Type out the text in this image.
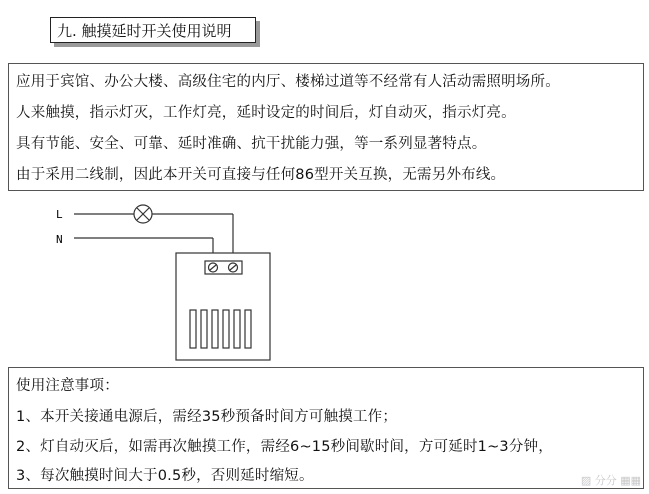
九. 触摸延时开关使用说明
应用于宾馆、办公大楼、高级住宅的内厅、楼梯过道等不经常有人活动需照明场所。
人来触摸，指示灯灭，工作灯亮，延时设定的时间后，灯自动灭，指示灯亮。
具有节能、安全、可靠、延时准确、抗干扰能力强，等一系列显著特点。
由于采用二线制，因此本开关可直接与任何86型开关互换，无需另外布线。
L
N
使用注意事项：
1、本开关接通电源后，需经35秒预备时间方可触摸工作；
2、灯自动灭后，如需再次触摸工作，需经6~15秒间歇时间，方可延时1~3分钟，
3、每次触摸时间大于0.5秒，否则延时缩短。	▨ 分分 ▦▦
